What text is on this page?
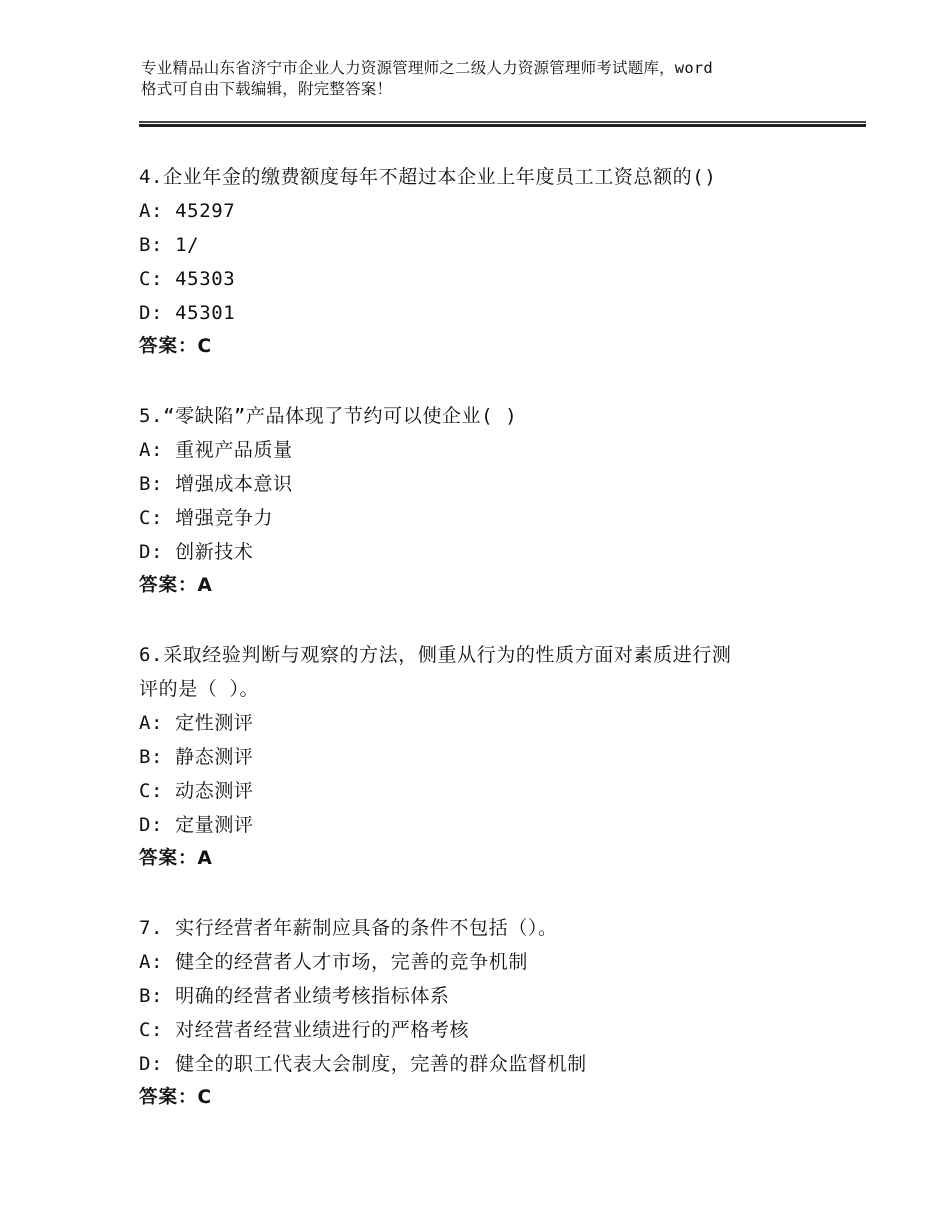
专业精品山东省济宁市企业人力资源管理师之二级人力资源管理师考试题库，word
格式可自由下载编辑，附完整答案！

4.企业年金的缴费额度每年不超过本企业上年度员工工资总额的()

A: 45297

B: 1/

C: 45303

D: 45301

答案：C

5.“零缺陷”产品体现了节约可以使企业( )

A: 重视产品质量

B: 增强成本意识

C: 增强竞争力

D: 创新技术

答案：A

6.采取经验判断与观察的方法，侧重从行为的性质方面对素质进行测

评的是（ ）。

A: 定性测评

B: 静态测评

C: 动态测评

D: 定量测评

答案：A

7. 实行经营者年薪制应具备的条件不包括（）。

A: 健全的经营者人才市场，完善的竞争机制

B: 明确的经营者业绩考核指标体系

C: 对经营者经营业绩进行的严格考核

D: 健全的职工代表大会制度，完善的群众监督机制

答案：C
